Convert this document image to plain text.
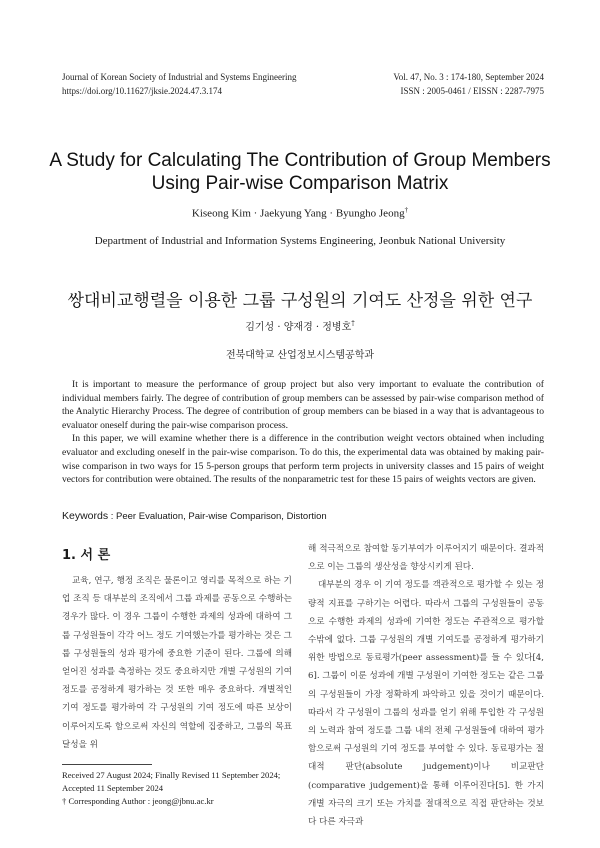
Journal of Korean Society of Industrial and Systems Engineering
https://doi.org/10.11627/jksie.2024.47.3.174
Vol. 47, No. 3 : 174-180, September 2024
ISSN : 2005-0461 / EISSN : 2287-7975
A Study for Calculating The Contribution of Group Members
Using Pair-wise Comparison Matrix
Kiseong Kim · Jaekyung Yang · Byungho Jeong†
Department of Industrial and Information Systems Engineering, Jeonbuk National University
쌍대비교행렬을 이용한 그룹 구성원의 기여도 산정을 위한 연구
김기성 · 양재경 · 정병호†
전북대학교 산업정보시스템공학과

It is important to measure the performance of group project but also very important to evaluate the contribution of individual members fairly. The degree of contribution of group members can be assessed by pair-wise comparison method of the Analytic Hierarchy Process. The degree of contribution of group members can be biased in a way that is advantageous to evaluator oneself during the pair-wise comparison process.

In this paper, we will examine whether there is a difference in the contribution weight vectors obtained when including evaluator and excluding oneself in the pair-wise comparison. To do this, the experimental data was obtained by making pair-wise comparison in two ways for 15 5-person groups that perform term projects in university classes and 15 pairs of weight vectors for contribution were obtained. The results of the nonparametric test for these 15 pairs of weights vectors are given.

Keywords : Peer Evaluation, Pair-wise Comparison, Distortion
1. 서 론

교육, 연구, 행정 조직은 물론이고 영리를 목적으로 하는 기업 조직 등 대부분의 조직에서 그룹 과제를 공동으로 수행하는 경우가 많다. 이 경우 그룹이 수행한 과제의 성과에 대하여 그룹 구성원들이 각각 어느 정도 기여했는가를 평가하는 것은 그룹 구성원들의 성과 평가에 중요한 기준이 된다. 그룹에 의해 얻어진 성과를 측정하는 것도 중요하지만 개별 구성원의 기여 정도를 공정하게 평가하는 것 또한 매우 중요하다. 개별적인 기여 정도를 평가하여 각 구성원의 기여 정도에 따른 보상이 이루어지도록 함으로써 자신의 역할에 집중하고, 그룹의 목표 달성을 위

Received 27 August 2024; Finally Revised 11 September 2024;

Accepted 11 September 2024

† Corresponding Author : jeong@jbnu.ac.kr

해 적극적으로 참여할 동기부여가 이루어지기 때문이다. 결과적으로 이는 그룹의 생산성을 향상시키게 된다.

대부분의 경우 이 기여 정도를 객관적으로 평가할 수 있는 정량적 지표를 구하기는 어렵다. 따라서 그룹의 구성원들이 공동으로 수행한 과제의 성과에 기여한 정도는 주관적으로 평가할 수밖에 없다. 그룹 구성원의 개별 기여도를 공정하게 평가하기 위한 방법으로 동료평가(peer assessment)를 들 수 있다[4, 6]. 그룹이 이룬 성과에 개별 구성원이 기여한 정도는 같은 그룹의 구성원들이 가장 정확하게 파악하고 있을 것이기 때문이다. 따라서 각 구성원이 그룹의 성과를 얻기 위해 투입한 각 구성원의 노력과 참여 정도를 그룹 내의 전체 구성원들에 대하여 평가함으로써 구성원의 기여 정도를 부여할 수 있다. 동료평가는 절대적 판단(absolute judgement)이나 비교판단(comparative judgement)을 통해 이루어진다[5]. 한 가지 개별 자극의 크기 또는 가치를 절대적으로 직접 판단하는 것보다 다른 자극과
